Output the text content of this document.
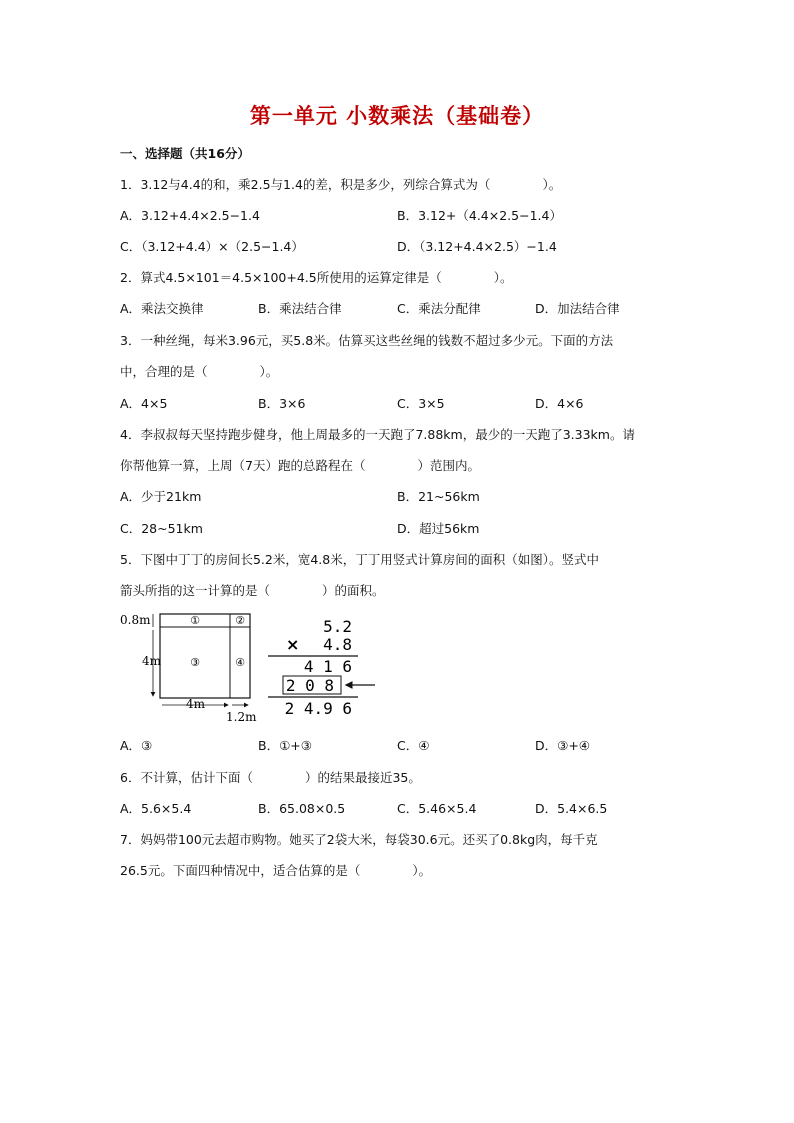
第一单元 小数乘法（基础卷）
一、选择题（共16分）
1．3.12与4.4的和，乘2.5与1.4的差，积是多少，列综合算式为（	）。
A．3.12+4.4×2.5−1.4	B．3.12+（4.4×2.5−1.4）
C．（3.12+4.4）×（2.5−1.4）	D．（3.12+4.4×2.5）−1.4
2．算式4.5×101＝4.5×100+4.5所使用的运算定律是（	）。
A．乘法交换律	B．乘法结合律	C．乘法分配律	D．加法结合律
3．一种丝绳，每米3.96元，买5.8米。估算买这些丝绳的钱数不超过多少元。下面的方法
中，合理的是（	）。
A．4×5	B．3×6	C．3×5	D．4×6
4．李叔叔每天坚持跑步健身，他上周最多的一天跑了7.88km，最少的一天跑了3.33km。请
你帮他算一算，上周（7天）跑的总路程在（	）范围内。
A．少于21km	B．21~56km
C．28~51km	D．超过56km
5．下图中丁丁的房间长5.2米，宽4.8米，丁丁用竖式计算房间的面积（如图）。竖式中
箭头所指的这一计算的是（	）的面积。
①	②
③	④
0.8m
4m
4m
1.2m
5.2
× 4.8
4 1 6
2 0 8
2 4.9 6
A．③	B．①+③	C．④	D．③+④
6．不计算，估计下面（	）的结果最接近35。
A．5.6×5.4	B．65.08×0.5	C．5.46×5.4	D．5.4×6.5
7．妈妈带100元去超市购物。她买了2袋大米，每袋30.6元。还买了0.8kg肉，每千克
26.5元。下面四种情况中，适合估算的是（	）。
